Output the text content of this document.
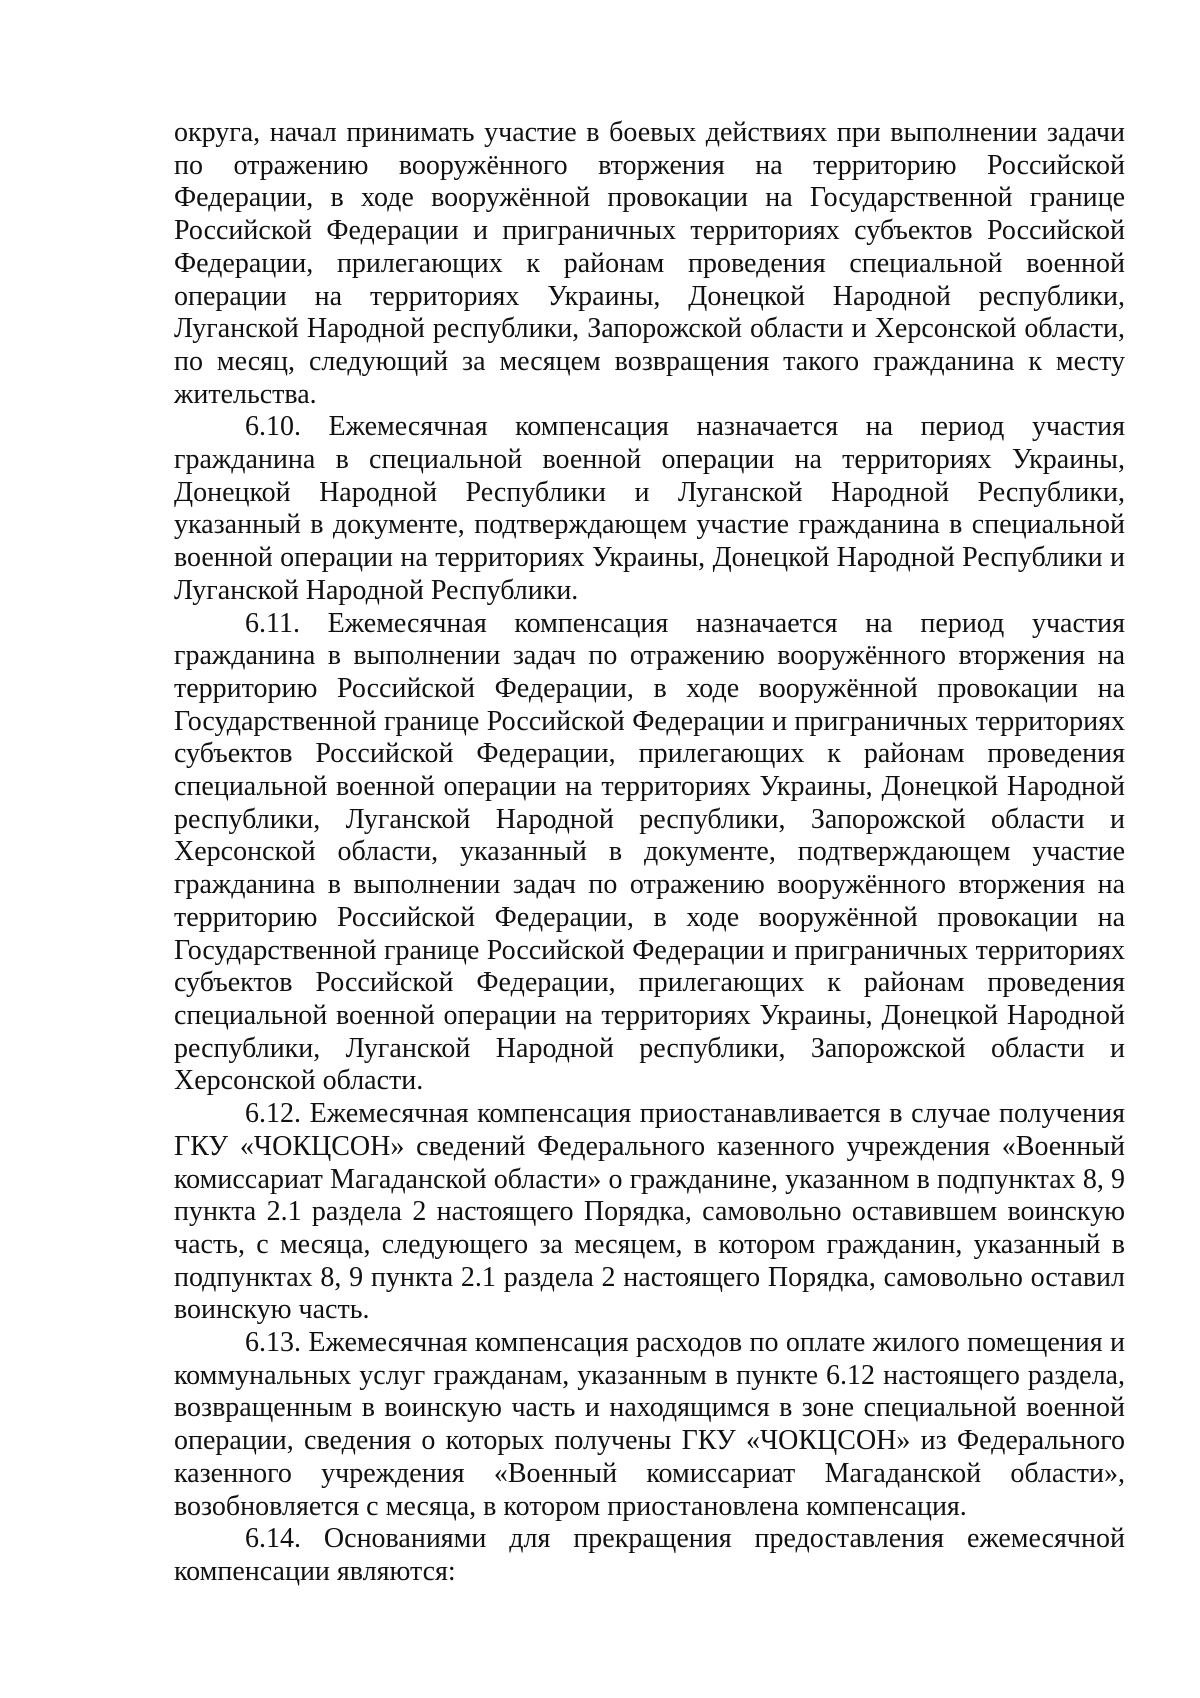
округа, начал принимать участие в боевых действиях при выполнении задачи по отражению вооружённого вторжения на территорию Российской Федерации, в ходе вооружённой провокации на Государственной границе Российской Федерации и приграничных территориях субъектов Российской Федерации, прилегающих к районам проведения специальной военной операции на территориях Украины, Донецкой Народной республики, Луганской Народной республики, Запорожской области и Херсонской области, по месяц, следующий за месяцем возвращения такого гражданина к месту жительства.

6.10. Ежемесячная компенсация назначается на период участия гражданина в специальной военной операции на территориях Украины, Донецкой Народной Республики и Луганской Народной Республики, указанный в документе, подтверждающем участие гражданина в специальной военной операции на территориях Украины, Донецкой Народной Республики и Луганской Народной Республики.

6.11. Ежемесячная компенсация назначается на период участия гражданина в выполнении задач по отражению вооружённого вторжения на территорию Российской Федерации, в ходе вооружённой провокации на Государственной границе Российской Федерации и приграничных территориях субъектов Российской Федерации, прилегающих к районам проведения специальной военной операции на территориях Украины, Донецкой Народной республики, Луганской Народной республики, Запорожской области и Херсонской области, указанный в документе, подтверждающем участие гражданина в выполнении задач по отражению вооружённого вторжения на территорию Российской Федерации, в ходе вооружённой провокации на Государственной границе Российской Федерации и приграничных территориях субъектов Российской Федерации, прилегающих к районам проведения специальной военной операции на территориях Украины, Донецкой Народной республики, Луганской Народной республики, Запорожской области и Херсонской области.

6.12. Ежемесячная компенсация приостанавливается в случае получения ГКУ «ЧОКЦСОН» сведений Федерального казенного учреждения «Военный комиссариат Магаданской области» о гражданине, указанном в подпунктах 8, 9 пункта 2.1 раздела 2 настоящего Порядка, самовольно оставившем воинскую часть, с месяца, следующего за месяцем, в котором гражданин, указанный в подпунктах 8, 9 пункта 2.1 раздела 2 настоящего Порядка, самовольно оставил воинскую часть.

6.13. Ежемесячная компенсация расходов по оплате жилого помещения и коммунальных услуг гражданам, указанным в пункте 6.12 настоящего раздела, возвращенным в воинскую часть и находящимся в зоне специальной военной операции, сведения о которых получены ГКУ «ЧОКЦСОН» из Федерального казенного учреждения «Военный комиссариат Магаданской области», возобновляется с месяца, в котором приостановлена компенсация.

6.14. Основаниями для прекращения предоставления ежемесячной компенсации являются:
